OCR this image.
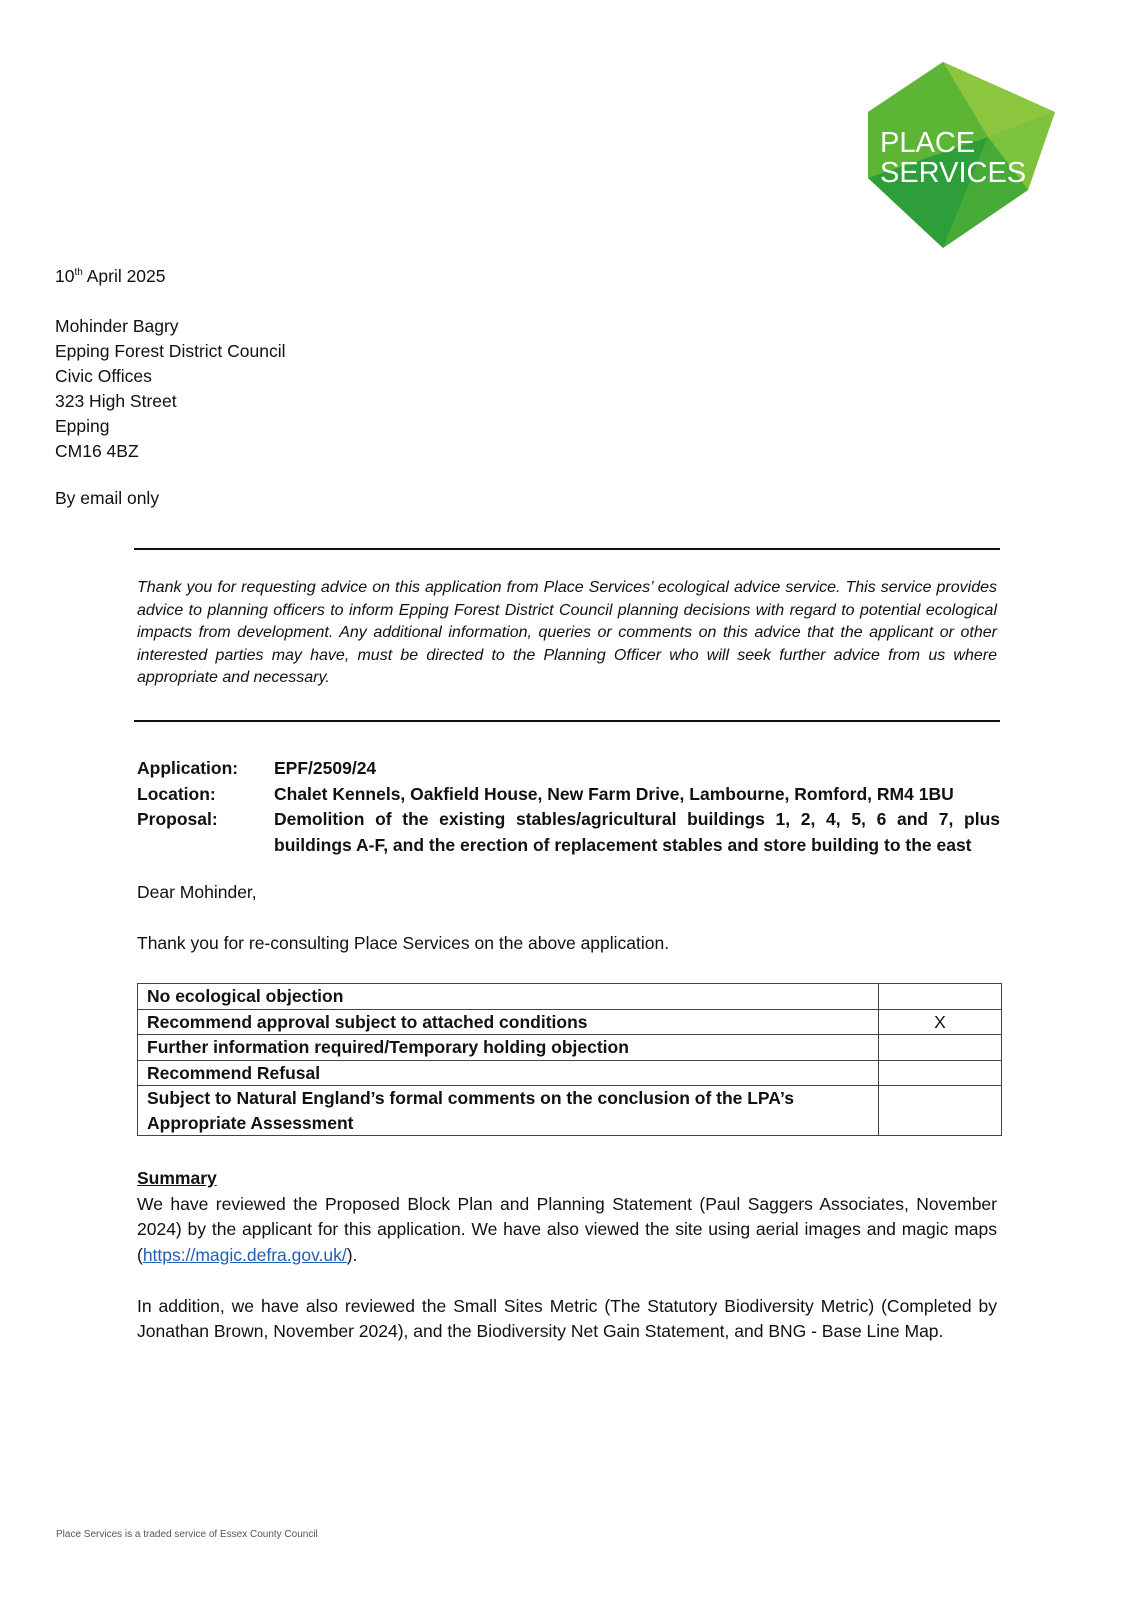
PLACE
SERVICES
10th April 2025
Mohinder Bagry
Epping Forest District Council
Civic Offices
323 High Street
Epping
CM16 4BZ
By email only
Thank you for requesting advice on this application from Place Services’ ecological advice service. This service provides advice to planning officers to inform Epping Forest District Council planning decisions with regard to potential ecological impacts from development. Any additional information, queries or comments on this advice that the applicant or other interested parties may have, must be directed to the Planning Officer who will seek further advice from us where appropriate and necessary.
Application:	EPF/2509/24
Location:	Chalet Kennels, Oakfield House, New Farm Drive, Lambourne, Romford, RM4 1BU
Proposal:	Demolition of the existing stables/agricultural buildings 1, 2, 4, 5, 6 and 7, plus buildings A-F, and the erection of replacement stables and store building to the east
Dear Mohinder,
Thank you for re-consulting Place Services on the above application.
No ecological objection	
Recommend approval subject to attached conditions	X
Further information required/Temporary holding objection	
Recommend Refusal	
Subject to Natural England’s formal comments on the conclusion of the LPA’s Appropriate Assessment	
Summary

We have reviewed the Proposed Block Plan and Planning Statement (Paul Saggers Associates, November 2024) by the applicant for this application. We have also viewed the site using aerial images and magic maps (https://magic.defra.gov.uk/).

In addition, we have also reviewed the Small Sites Metric (The Statutory Biodiversity Metric) (Completed by Jonathan Brown, November 2024), and the Biodiversity Net Gain Statement, and BNG - Base Line Map.

Place Services is a traded service of Essex County Council
